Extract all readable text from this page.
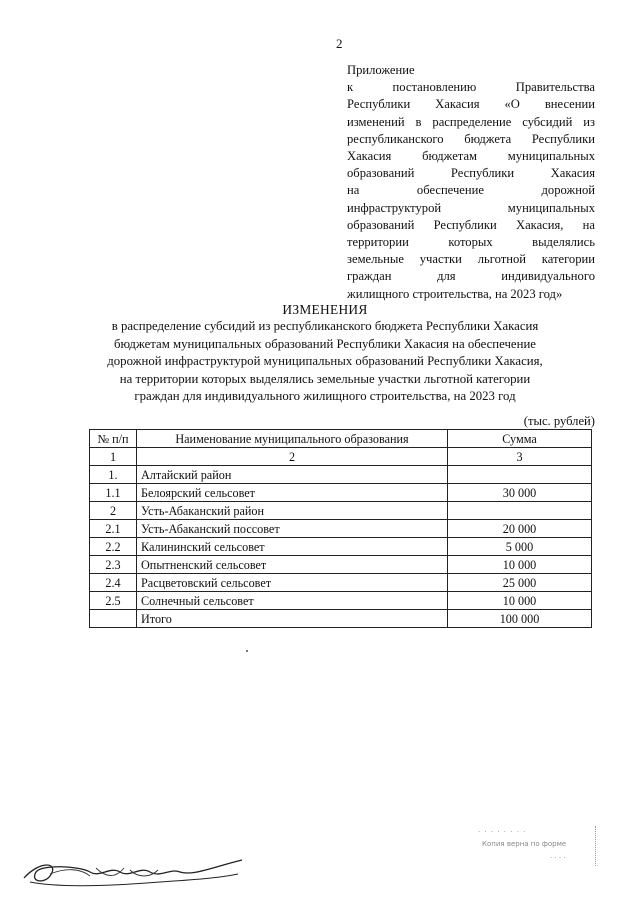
2
Приложение
к постановлению Правительства
Республики Хакасия «О внесении
изменений в распределение субсидий из
республиканского бюджета Республики
Хакасия бюджетам муниципальных
образований Республики Хакасия
на обеспечение дорожной
инфраструктурой муниципальных
образований Республики Хакасия, на
территории которых выделялись
земельные участки льготной категории
граждан для индивидуального
жилищного строительства, на 2023 год»
ИЗМЕНЕНИЯ
в распределение субсидий из республиканского бюджета Республики Хакасия
бюджетам муниципальных образований Республики Хакасия на обеспечение
дорожной инфраструктурой муниципальных образований Республики Хакасия,
на территории которых выделялись земельные участки льготной категории
граждан для индивидуального жилищного строительства, на 2023 год
(тыс. рублей)
№ п/п	Наименование муниципального образования	Сумма
1	2	3
1.	Алтайский район	
1.1	Белоярский сельсовет	30 000
2	Усть-Абаканский район	
2.1	Усть-Абаканский поссовет	20 000
2.2	Калининский сельсовет	5 000
2.3	Опытненский сельсовет	10 000
2.4	Расцветовский сельсовет	25 000
2.5	Солнечный сельсовет	10 000
	Итого	100 000
· · · · · · · ·
Копия верна по форме
· · · ·
